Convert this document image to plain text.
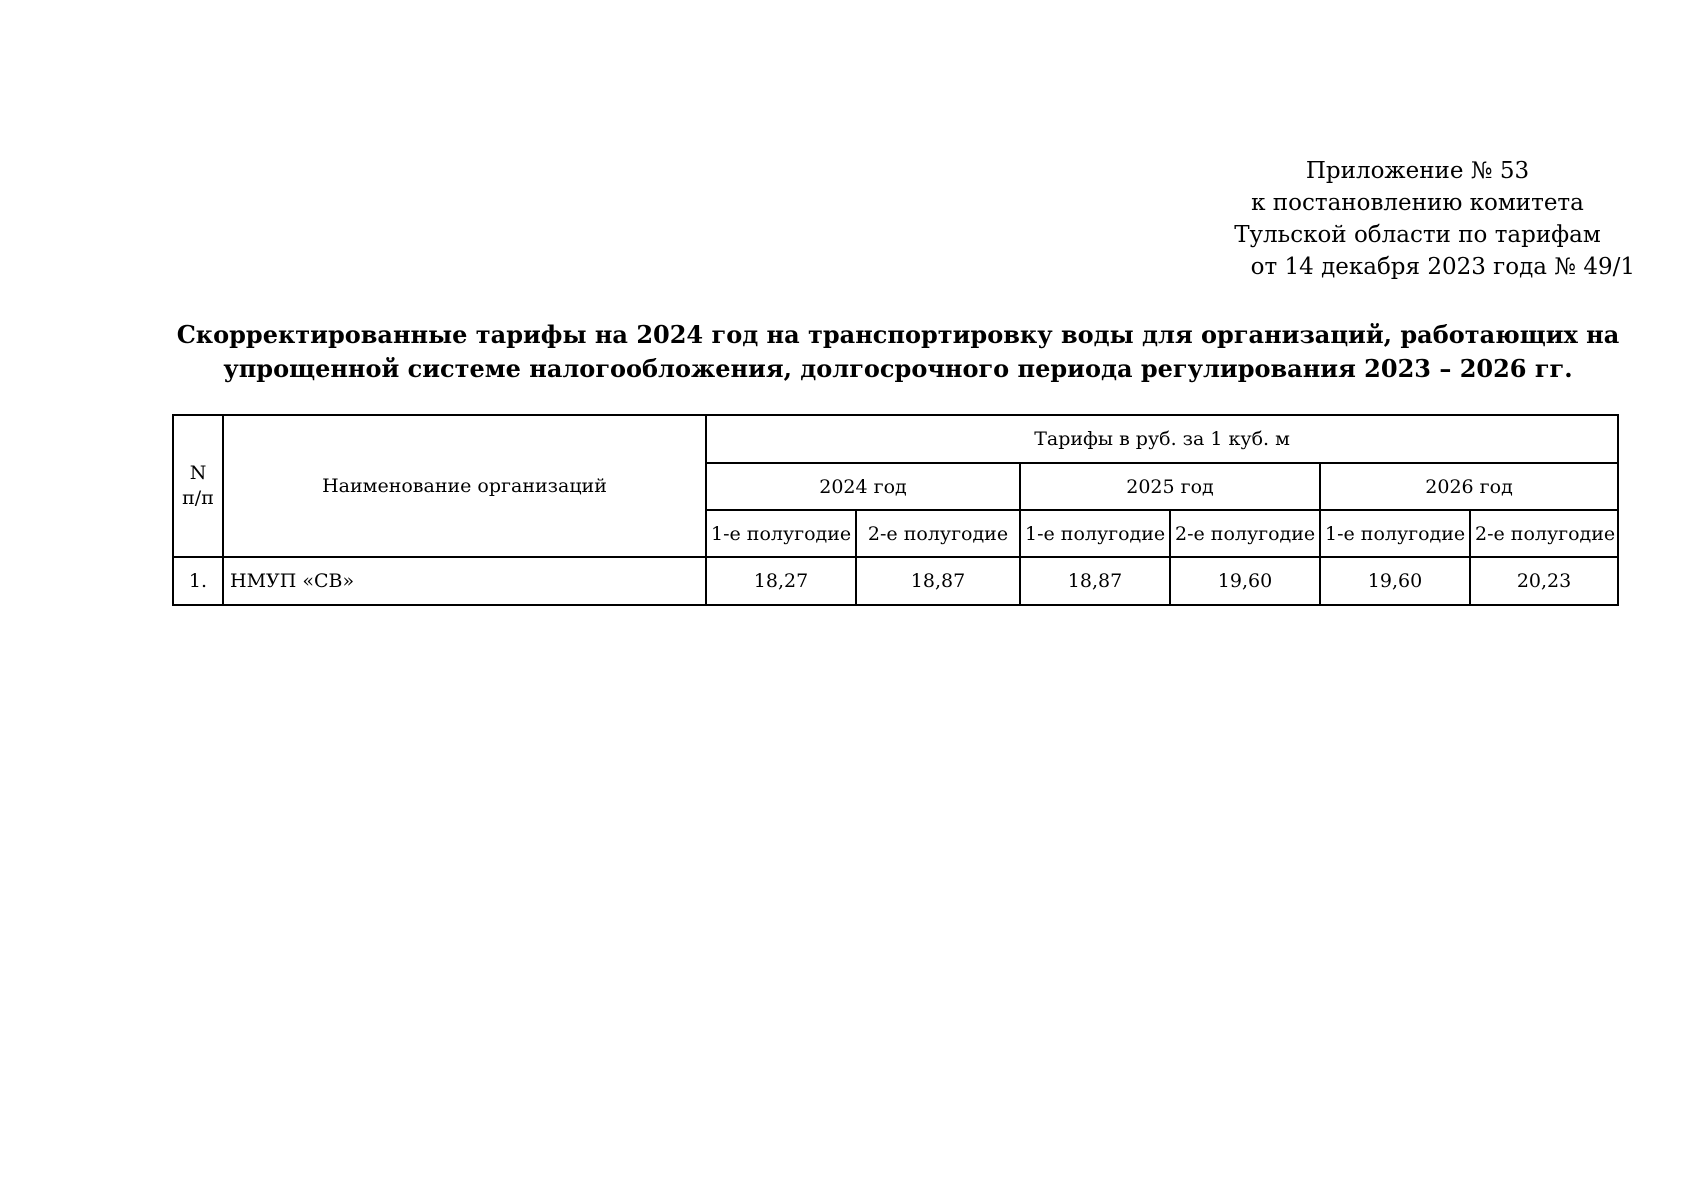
Приложение № 53
к постановлению комитета
Тульской области по тарифам
от 14 декабря 2023 года № 49/1
Скорректированные тарифы на 2024 год на транспортировку воды для организаций, работающих на
упрощенной системе налогообложения, долгосрочного периода регулирования 2023 – 2026 гг.
N
п/п	Наименование организаций	Тарифы в руб. за 1 куб. м					
		2024 год		2025 год		2026 год	
		1-е полугодие	2-е полугодие	1-е полугодие	2-е полугодие	1-е полугодие	2-е полугодие
1.	НМУП «СВ»	18,27	18,87	18,87	19,60	19,60	20,23
